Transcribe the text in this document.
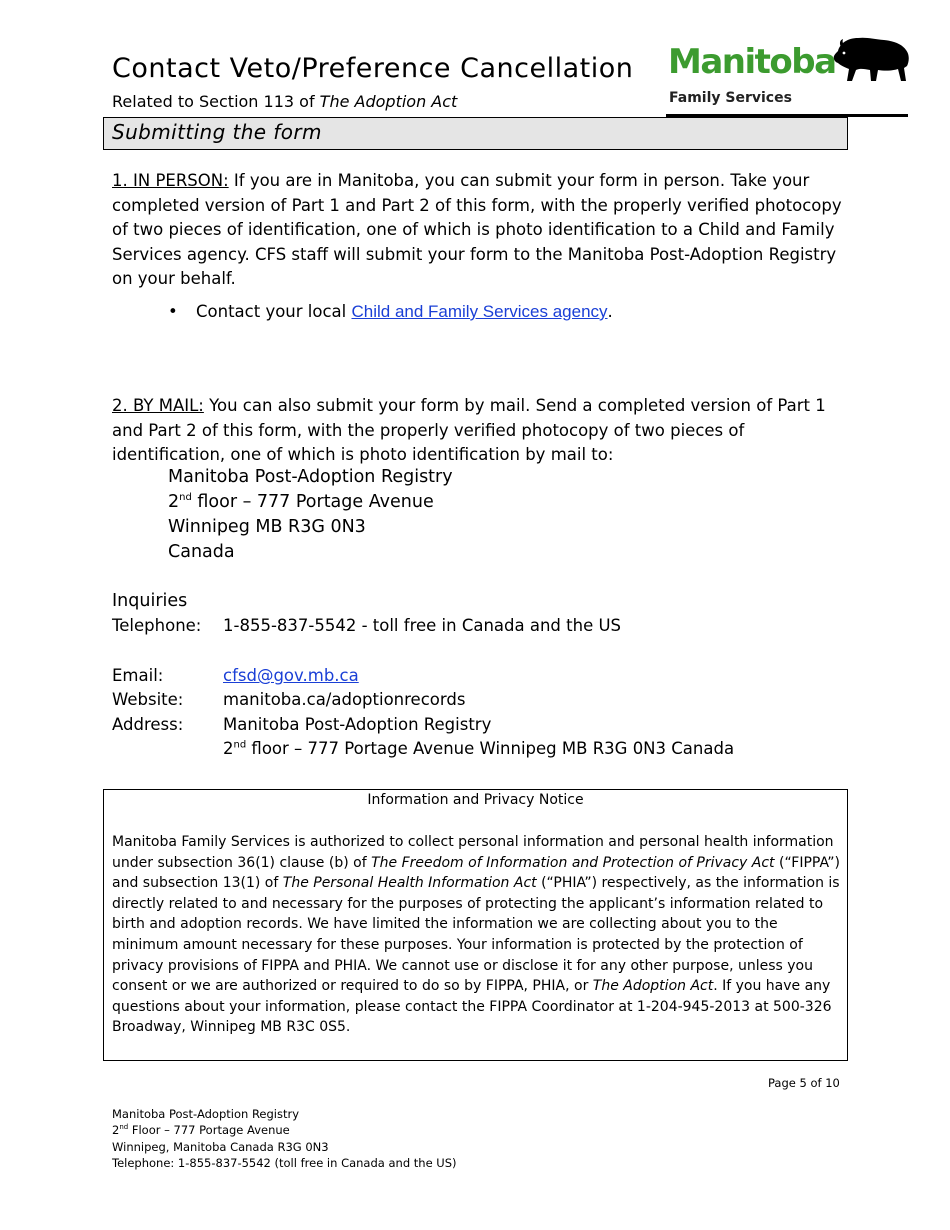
Contact Veto/Preference Cancellation
Related to Section 113 of The Adoption Act
Manitoba
Family Services
Submitting the form
1. IN PERSON: If you are in Manitoba, you can submit your form in person. Take your completed version of Part 1 and Part 2 of this form, with the properly verified photocopy of two pieces of identification, one of which is photo identification to a Child and Family Services agency. CFS staff will submit your form to the Manitoba Post-Adoption Registry on your behalf.
• Contact your local Child and Family Services agency.
2. BY MAIL: You can also submit your form by mail. Send a completed version of Part 1 and Part 2 of this form, with the properly verified photocopy of two pieces of identification, one of which is photo identification by mail to:
Manitoba Post-Adoption Registry
2nd floor – 777 Portage Avenue
Winnipeg MB R3G 0N3
Canada
Inquiries
Telephone: 1-855-837-5542 - toll free in Canada and the US
Email:	cfsd@gov.mb.ca
Website: manitoba.ca/adoptionrecords
Address: Manitoba Post-Adoption Registry
2nd floor – 777 Portage Avenue Winnipeg MB R3G 0N3 Canada
Information and Privacy Notice
Manitoba Family Services is authorized to collect personal information and personal health information under subsection 36(1) clause (b) of The Freedom of Information and Protection of Privacy Act (“FIPPA”) and subsection 13(1) of The Personal Health Information Act (“PHIA”) respectively, as the information is directly related to and necessary for the purposes of protecting the applicant’s information related to birth and adoption records. We have limited the information we are collecting about you to the minimum amount necessary for these purposes. Your information is protected by the protection of privacy provisions of FIPPA and PHIA. We cannot use or disclose it for any other purpose, unless you consent or we are authorized or required to do so by FIPPA, PHIA, or The Adoption Act. If you have any questions about your information, please contact the FIPPA Coordinator at 1-204-945-2013 at 500-326 Broadway, Winnipeg MB R3C 0S5.
Page 5 of 10
Manitoba Post-Adoption Registry
2nd Floor – 777 Portage Avenue
Winnipeg, Manitoba Canada R3G 0N3
Telephone: 1-855-837-5542 (toll free in Canada and the US)
